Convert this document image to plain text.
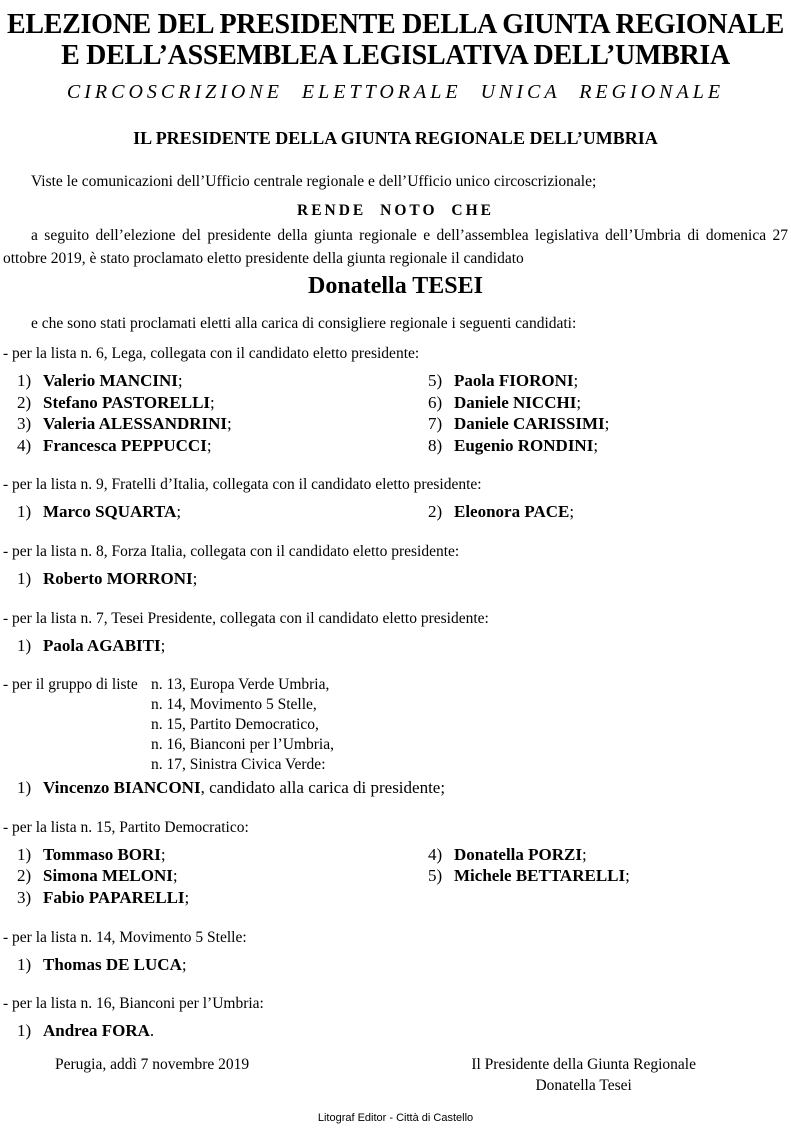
ELEZIONE DEL PRESIDENTE DELLA GIUNTA REGIONALE
E DELL’ASSEMBLEA LEGISLATIVA DELL’UMBRIA
CIRCOSCRIZIONE ELETTORALE UNICA REGIONALE
IL PRESIDENTE DELLA GIUNTA REGIONALE DELL’UMBRIA
Viste le comunicazioni dell’Ufficio centrale regionale e dell’Ufficio unico circoscrizionale;
RENDE NOTO CHE
a seguito dell’elezione del presidente della giunta regionale e dell’assemblea legislativa dell’Umbria di domenica 27 ottobre 2019, è stato proclamato eletto presidente della giunta regionale il candidato
Donatella TESEI
e che sono stati proclamati eletti alla carica di consigliere regionale i seguenti candidati:
- per la lista n. 6, Lega, collegata con il candidato eletto presidente:
1) Valerio MANCINI;
2) Stefano PASTORELLI;
3) Valeria ALESSANDRINI;
4) Francesca PEPPUCCI;
5) Paola FIORONI;
6) Daniele NICCHI;
7) Daniele CARISSIMI;
8) Eugenio RONDINI;
- per la lista n. 9, Fratelli d’Italia, collegata con il candidato eletto presidente:
1) Marco SQUARTA;	2) Eleonora PACE;
- per la lista n. 8, Forza Italia, collegata con il candidato eletto presidente:
1) Roberto MORRONI;
- per la lista n. 7, Tesei Presidente, collegata con il candidato eletto presidente:
1) Paola AGABITI;
- per il gruppo di liste n. 13, Europa Verde Umbria,
n. 14, Movimento 5 Stelle,
n. 15, Partito Democratico,
n. 16, Bianconi per l’Umbria,
n. 17, Sinistra Civica Verde:
1) Vincenzo BIANCONI, candidato alla carica di presidente;
- per la lista n. 15, Partito Democratico:
1) Tommaso BORI;
2) Simona MELONI;
3) Fabio PAPARELLI;
4) Donatella PORZI;
5) Michele BETTARELLI;
- per la lista n. 14, Movimento 5 Stelle:
1) Thomas DE LUCA;
- per la lista n. 16, Bianconi per l’Umbria:
1) Andrea FORA.
Perugia, addì 7 novembre 2019	Il Presidente della Giunta Regionale
Donatella Tesei
Litograf Editor - Città di Castello
